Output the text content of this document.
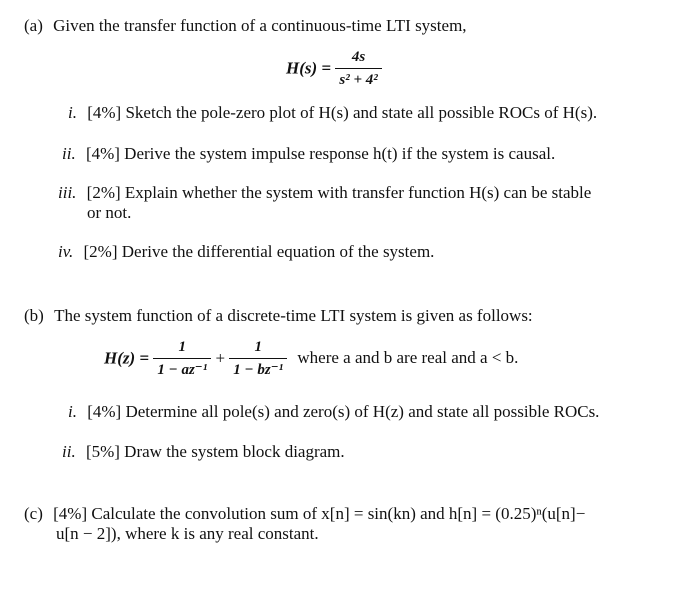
(a) Given the transfer function of a continuous-time LTI system,
$H(s) = \frac{4s}{\text{s² + 4²}}$
i. [4%] Sketch the pole-zero plot of H(s) and state all possible ROCs of H(s).
ii. [4%] Derive the system impulse response h(t) if the system is causal.
iii. [2%] Explain whether the system with transfer function H(s) can be stable
or not.
iv. [2%] Derive the differential equation of the system.
(b) The system function of a discrete-time LTI system is given as follows:
$H(z) = \frac{1}{\text{1 − az⁻¹}} + \frac{1}{\text{1 − bz⁻¹}}$ where a and b are real and a < b.
i. [4%] Determine all pole(s) and zero(s) of H(z) and state all possible ROCs.
ii. [5%] Draw the system block diagram.
(c) [4%] Calculate the convolution sum of x[n] = sin(kn) and h[n] = (0.25)ⁿ(u[n]−
u[n − 2]), where k is any real constant.
